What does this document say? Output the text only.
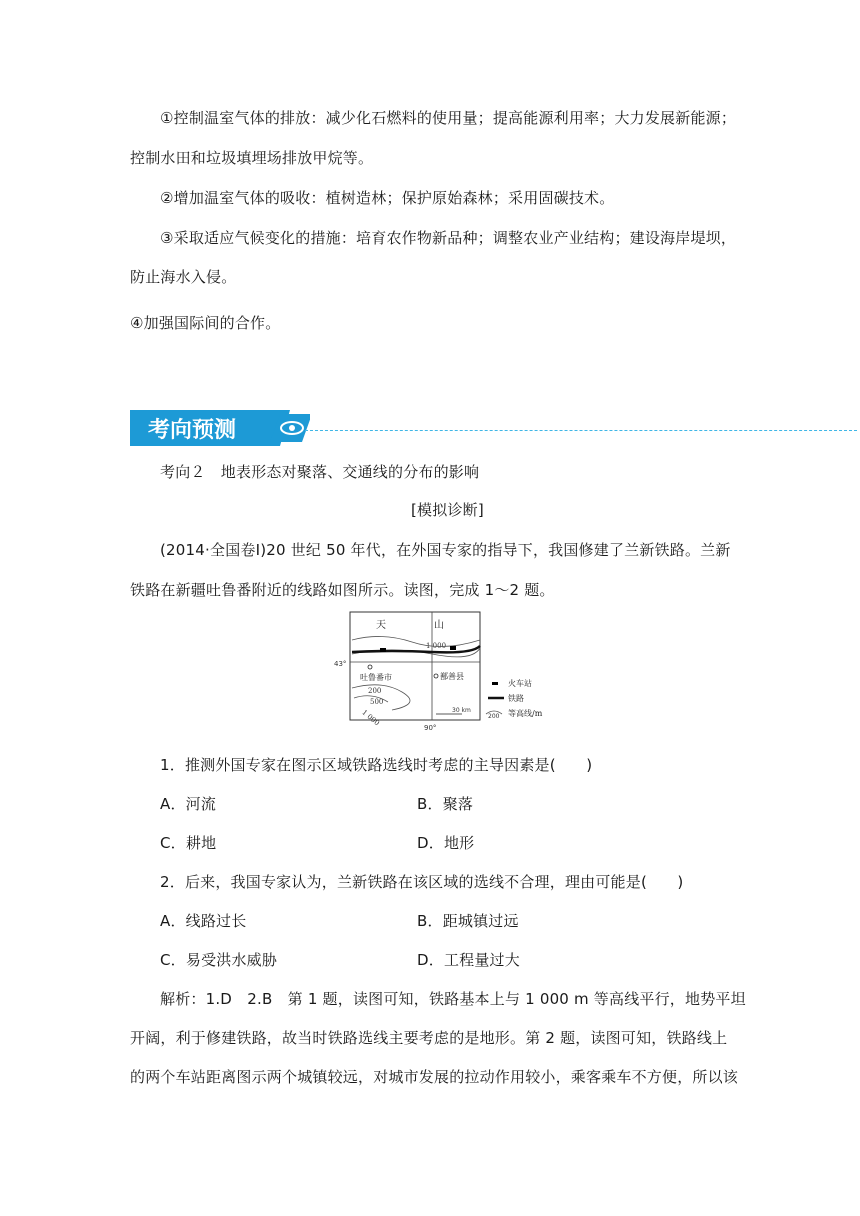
①控制温室气体的排放：减少化石燃料的使用量；提高能源利用率；大力发展新能源；
控制水田和垃圾填埋场排放甲烷等。
②增加温室气体的吸收：植树造林；保护原始森林；采用固碳技术。
③采取适应气候变化的措施：培育农作物新品种；调整农业产业结构；建设海岸堤坝，
防止海水入侵。
④加强国际间的合作。
考向预测
考向２　地表形态对聚落、交通线的分布的影响
[模拟诊断]
(2014·全国卷Ⅰ)20 世纪 50 年代，在外国专家的指导下，我国修建了兰新铁路。兰新
铁路在新疆吐鲁番附近的线路如图所示。读图，完成 1～2 题。
天	山
43°
90°
1 000
吐鲁番市
200
500
1 000
鄯善县
30 km
火车站
铁路
200 等高线/m
1．推测外国专家在图示区域铁路选线时考虑的主导因素是(　　)
A．河流	B．聚落
C．耕地	D．地形
2．后来，我国专家认为，兰新铁路在该区域的选线不合理，理由可能是(　　)
A．线路过长	B．距城镇过远
C．易受洪水威胁	D．工程量过大
解析：1.D　2.B　第 1 题，读图可知，铁路基本上与 1 000 m 等高线平行，地势平坦
开阔，利于修建铁路，故当时铁路选线主要考虑的是地形。第 2 题，读图可知，铁路线上
的两个车站距离图示两个城镇较远，对城市发展的拉动作用较小，乘客乘车不方便，所以该
